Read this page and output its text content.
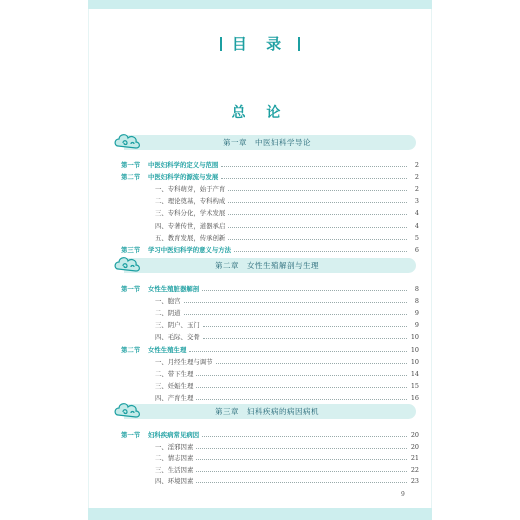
目 录
总 论
第一章　中医妇科学导论
第一节 中医妇科学的定义与范围	2
第二节 中医妇科学的源流与发展	2
一、专科萌芽，始于产育	2
二、理论奠基，专科构成	3
三、专科分化，学术发展	4
四、专著传世，道器承启	4
五、教育发展，传承创新	5
第三节 学习中医妇科学的意义与方法	6
第二章　女性生殖解剖与生理
第一节 女性生殖脏器解剖	8
一、胞宫	8
二、阴道	9
三、阴户、玉门	9
四、毛际、交骨	10
第二节 女性生殖生理	10
一、月经生理与调节	10
二、带下生理	14
三、妊娠生理	15
四、产育生理	16
第三章　妇科疾病的病因病机
第一节 妇科疾病常见病因	20
一、淫邪因素	20
二、情志因素	21
三、生活因素	22
四、环境因素	23
9
